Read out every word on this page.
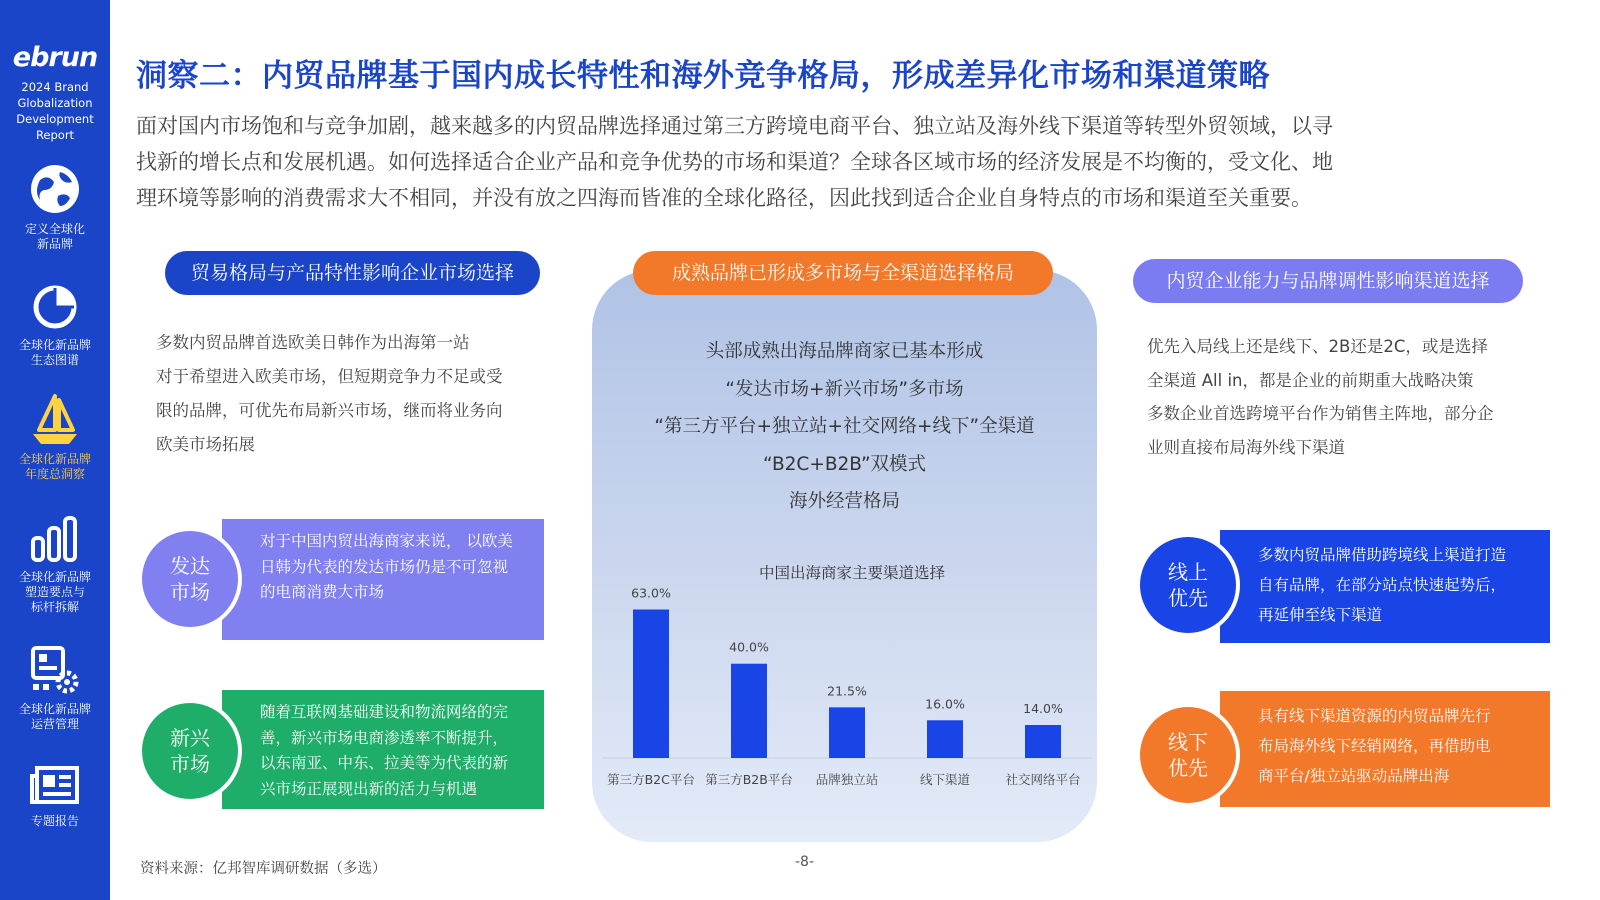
ebrun
2024 Brand
Globalization
Development
Report
定义全球化
新品牌
全球化新品牌
生态图谱
全球化新品牌
年度总洞察
全球化新品牌
塑造要点与
标杆拆解
全球化新品牌
运营管理
专题报告
洞察二：内贸品牌基于国内成长特性和海外竞争格局，形成差异化市场和渠道策略
面对国内市场饱和与竞争加剧，越来越多的内贸品牌选择通过第三方跨境电商平台、独立站及海外线下渠道等转型外贸领域，以寻
找新的增长点和发展机遇。如何选择适合企业产品和竞争优势的市场和渠道？全球各区域市场的经济发展是不均衡的，受文化、地
理环境等影响的消费需求大不相同，并没有放之四海而皆准的全球化路径，因此找到适合企业自身特点的市场和渠道至关重要。
贸易格局与产品特性影响企业市场选择
多数内贸品牌首选欧美日韩作为出海第一站
对于希望进入欧美市场，但短期竞争力不足或受
限的品牌，可优先布局新兴市场，继而将业务向
欧美市场拓展
对于中国内贸出海商家来说， 以欧美
日韩为代表的发达市场仍是不可忽视
的电商消费大市场
发达
市场
随着互联网基础建设和物流网络的完
善，新兴市场电商渗透率不断提升，
以东南亚、中东、拉美等为代表的新
兴市场正展现出新的活力与机遇
新兴
市场
成熟品牌已形成多市场与全渠道选择格局
头部成熟出海品牌商家已基本形成
“发达市场+新兴市场”多市场
“第三方平台+独立站+社交网络+线下”全渠道
“B2C+B2B”双模式
海外经营格局
中国出海商家主要渠道选择
63.0%
第三方B2C平台
40.0%
第三方B2B平台
21.5%
品牌独立站
16.0%
线下渠道
14.0%
社交网络平台
内贸企业能力与品牌调性影响渠道选择
优先入局线上还是线下、2B还是2C，或是选择
全渠道 All in，都是企业的前期重大战略决策
多数企业首选跨境平台作为销售主阵地，部分企
业则直接布局海外线下渠道
多数内贸品牌借助跨境线上渠道打造
自有品牌，在部分站点快速起势后，
再延伸至线下渠道
线上
优先
具有线下渠道资源的内贸品牌先行
布局海外线下经销网络，再借助电
商平台/独立站驱动品牌出海
线下
优先
资料来源：亿邦智库调研数据（多选）	-8-
